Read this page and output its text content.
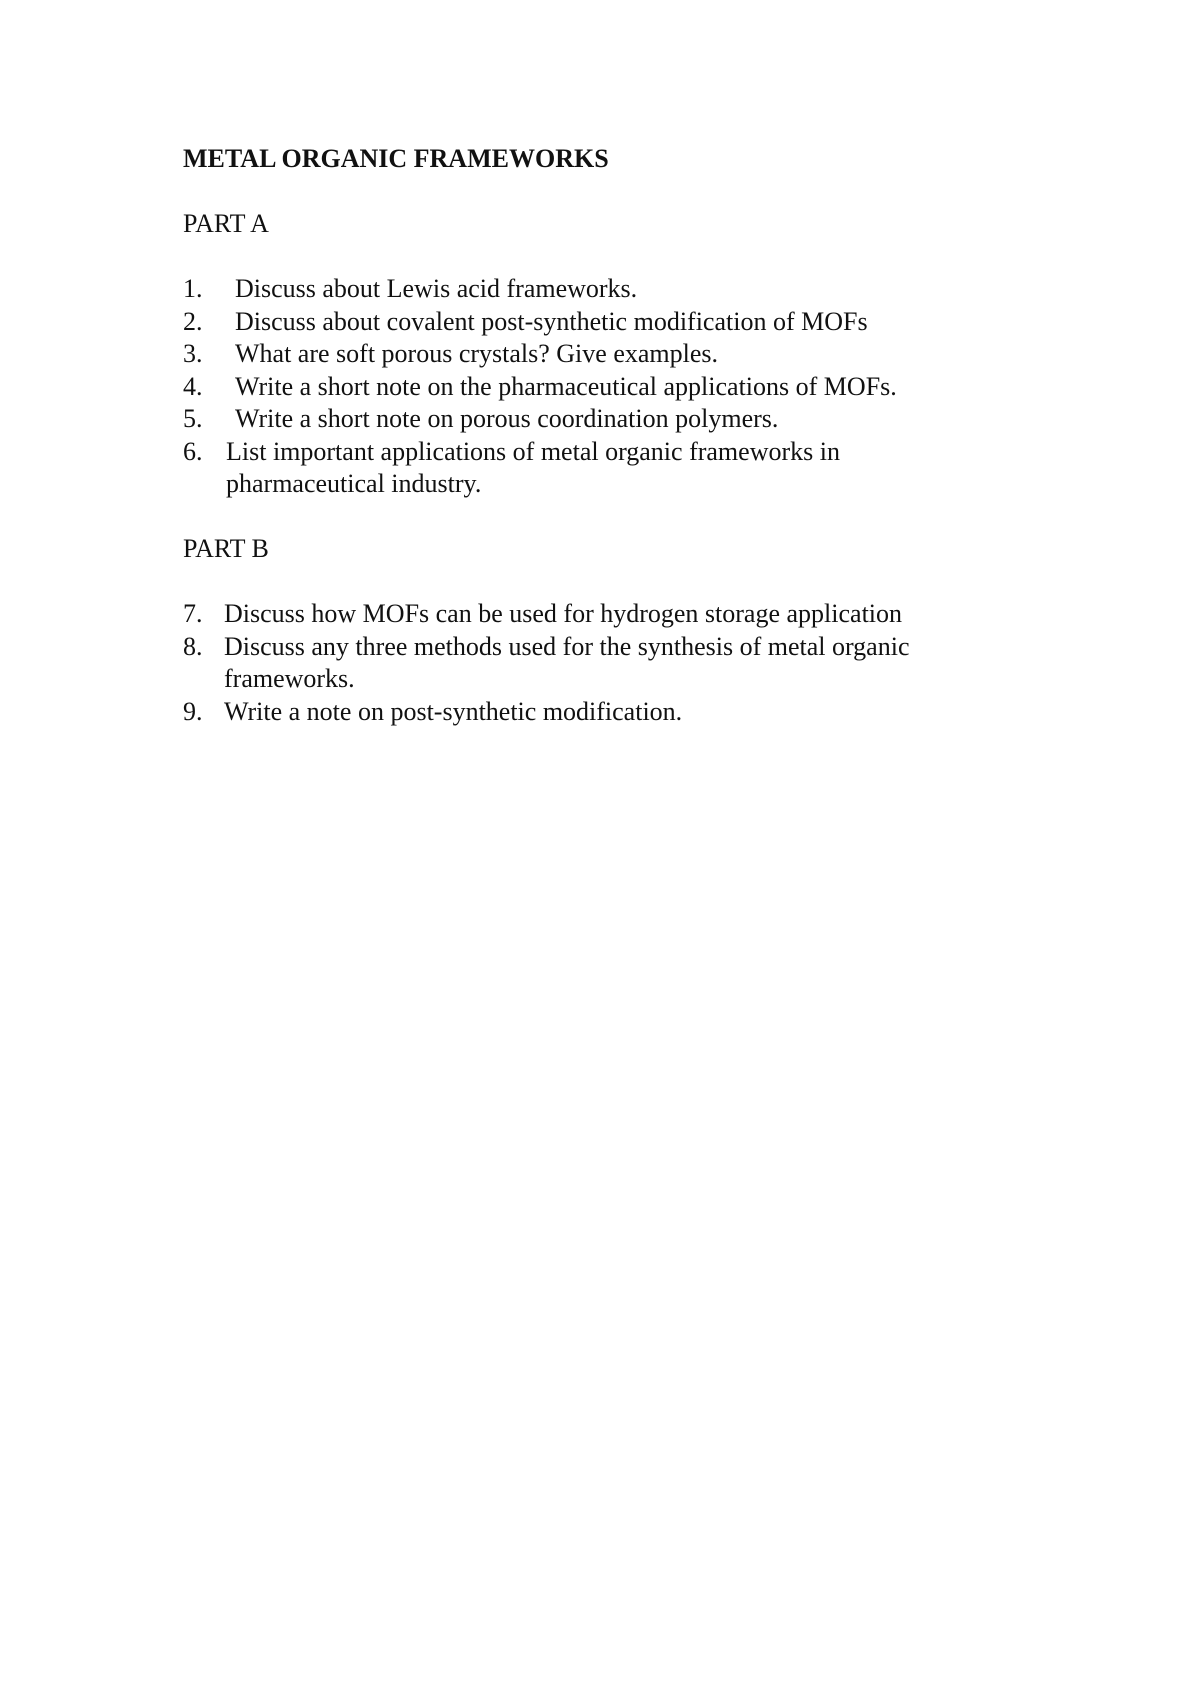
METAL ORGANIC FRAMEWORKS
PART A
1. Discuss about Lewis acid frameworks.
2. Discuss about covalent post-synthetic modification of MOFs
3. What are soft porous crystals? Give examples.
4. Write a short note on the pharmaceutical applications of MOFs.
5. Write a short note on porous coordination polymers.
6. List important applications of metal organic frameworks in pharmaceutical industry.
PART B
7. Discuss how MOFs can be used for hydrogen storage application
8. Discuss any three methods used for the synthesis of metal organic frameworks.
9. Write a note on post-synthetic modification.
